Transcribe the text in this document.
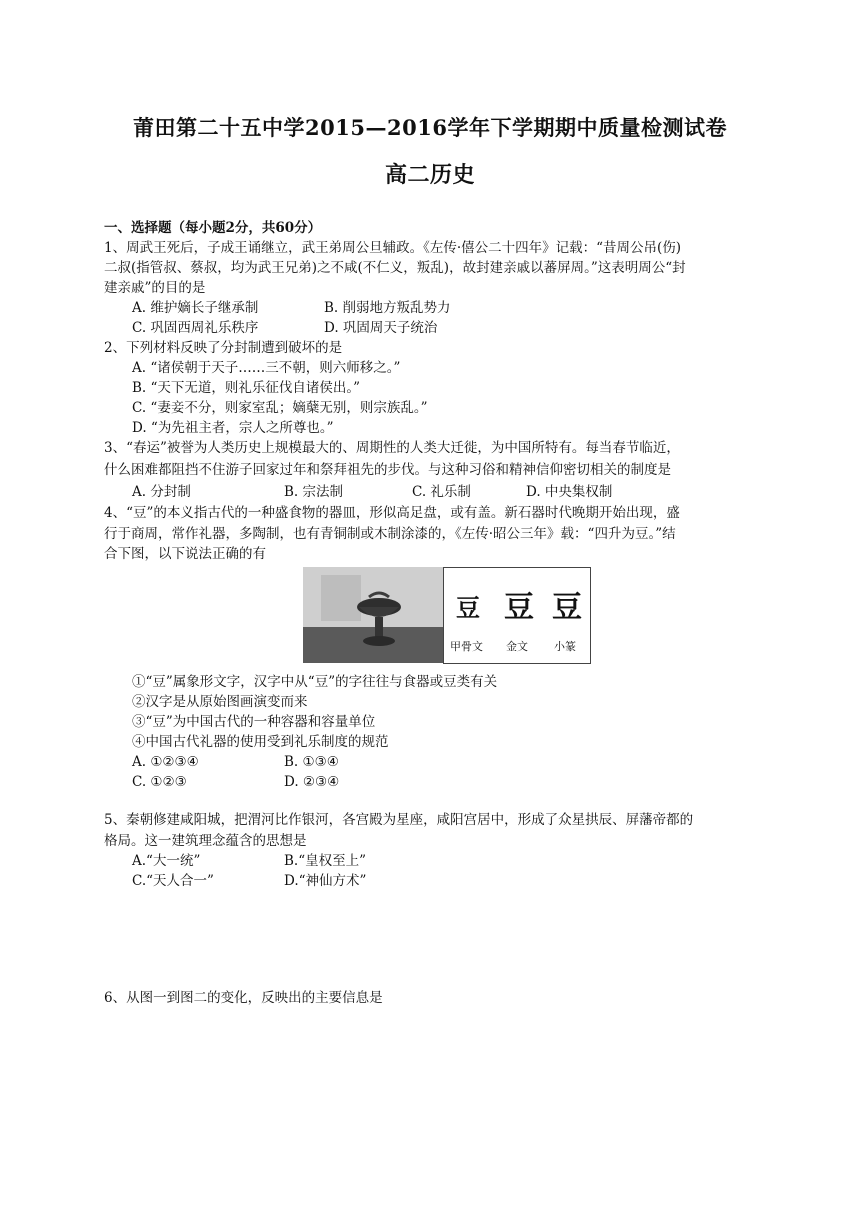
莆田第二十五中学2015—2016学年下学期期中质量检测试卷
高二历史
一、选择题（每小题2分，共60分）
1、周武王死后，子成王诵继立，武王弟周公旦辅政。《左传·僖公二十四年》记载：“昔周公吊(伤)
二叔(指管叔、蔡叔，均为武王兄弟)之不咸(不仁义，叛乱)，故封建亲戚以蕃屏周。”这表明周公“封
建亲戚”的目的是
A. 维护嫡长子继承制	B. 削弱地方叛乱势力
C. 巩固西周礼乐秩序	D. 巩固周天子统治
2、下列材料反映了分封制遭到破坏的是
A. “诸侯朝于天子……三不朝，则六师移之。”
B. “天下无道，则礼乐征伐自诸侯出。”
C. “妻妾不分，则家室乱；嫡蘖无别，则宗族乱。”
D. “为先祖主者，宗人之所尊也。”
3、“春运”被誉为人类历史上规模最大的、周期性的人类大迁徙，为中国所特有。每当春节临近，
什么困难都阻挡不住游子回家过年和祭拜祖先的步伐。与这种习俗和精神信仰密切相关的制度是
A. 分封制	B. 宗法制	C. 礼乐制	D. 中央集权制
4、“豆”的本义指古代的一种盛食物的器皿，形似高足盘，或有盖。新石器时代晚期开始出现，盛
行于商周，常作礼器，多陶制，也有青铜制或木制涂漆的，《左传·昭公三年》载：“四升为豆。”结
合下图，以下说法正确的有
豆 豆 豆
甲骨文 金文 小篆
①“豆”属象形文字，汉字中从“豆”的字往往与食器或豆类有关
②汉字是从原始图画演变而来
③“豆”为中国古代的一种容器和容量单位
④中国古代礼器的使用受到礼乐制度的规范
A. ①②③④	B. ①③④
C. ①②③	D. ②③④
5、秦朝修建咸阳城，把渭河比作银河，各宫殿为星座，咸阳宫居中，形成了众星拱辰、屏藩帝都的
格局。这一建筑理念蕴含的思想是
A.“大一统”	B.“皇权至上”
C.“天人合一”	D.“神仙方术”
6、从图一到图二的变化，反映出的主要信息是
